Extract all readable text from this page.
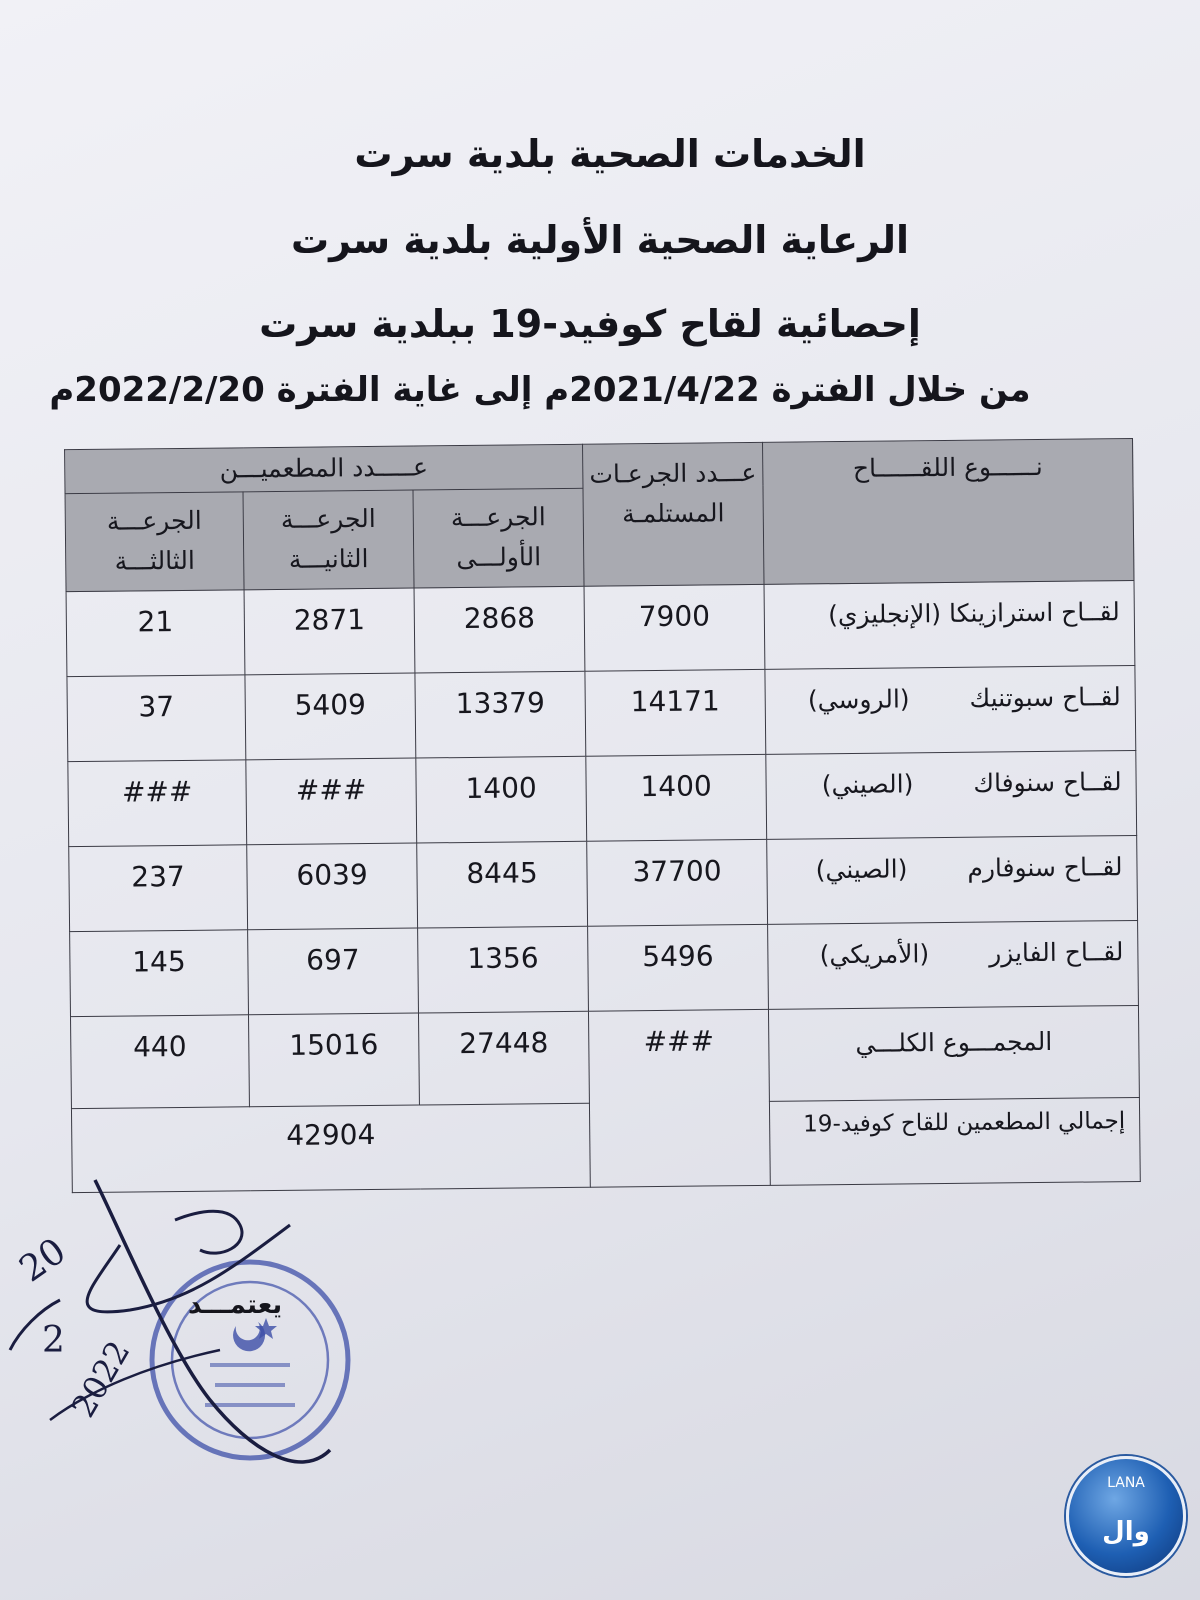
الخدمات الصحية بلدية سرت
الرعاية الصحية الأولية بلدية سرت
إحصائية لقاح كوفيد-19 ببلدية سرت
من خلال الفترة 2021/4/22م إلى غاية الفترة 2022/2/20م
نــــــوع اللقــــــاح	عـــدد الجرعـات المستلمـة	عـــــدد المطعميـــن		
		الجرعـــة الأولـــى	الجرعـــة الثانيـــة	الجرعـــة الثالثـــة
لقــاح استرازينكا (الإنجليزي)	7900	2868	2871	21
لقــاح سبوتنيك(الروسي)	14171	13379	5409	37
لقــاح سنوفاك(الصيني)	1400	1400	###	###
لقــاح سنوفارم(الصيني)	37700	8445	6039	237
لقــاح الفايزر(الأمريكي)	5496	1356	697	145
المجمـــوع الكلـــي	###	27448	15016	440
إجمالي المطعمين للقاح كوفيد-19		42904		
يعتمـــد
20
2
2022
LANA
وال
